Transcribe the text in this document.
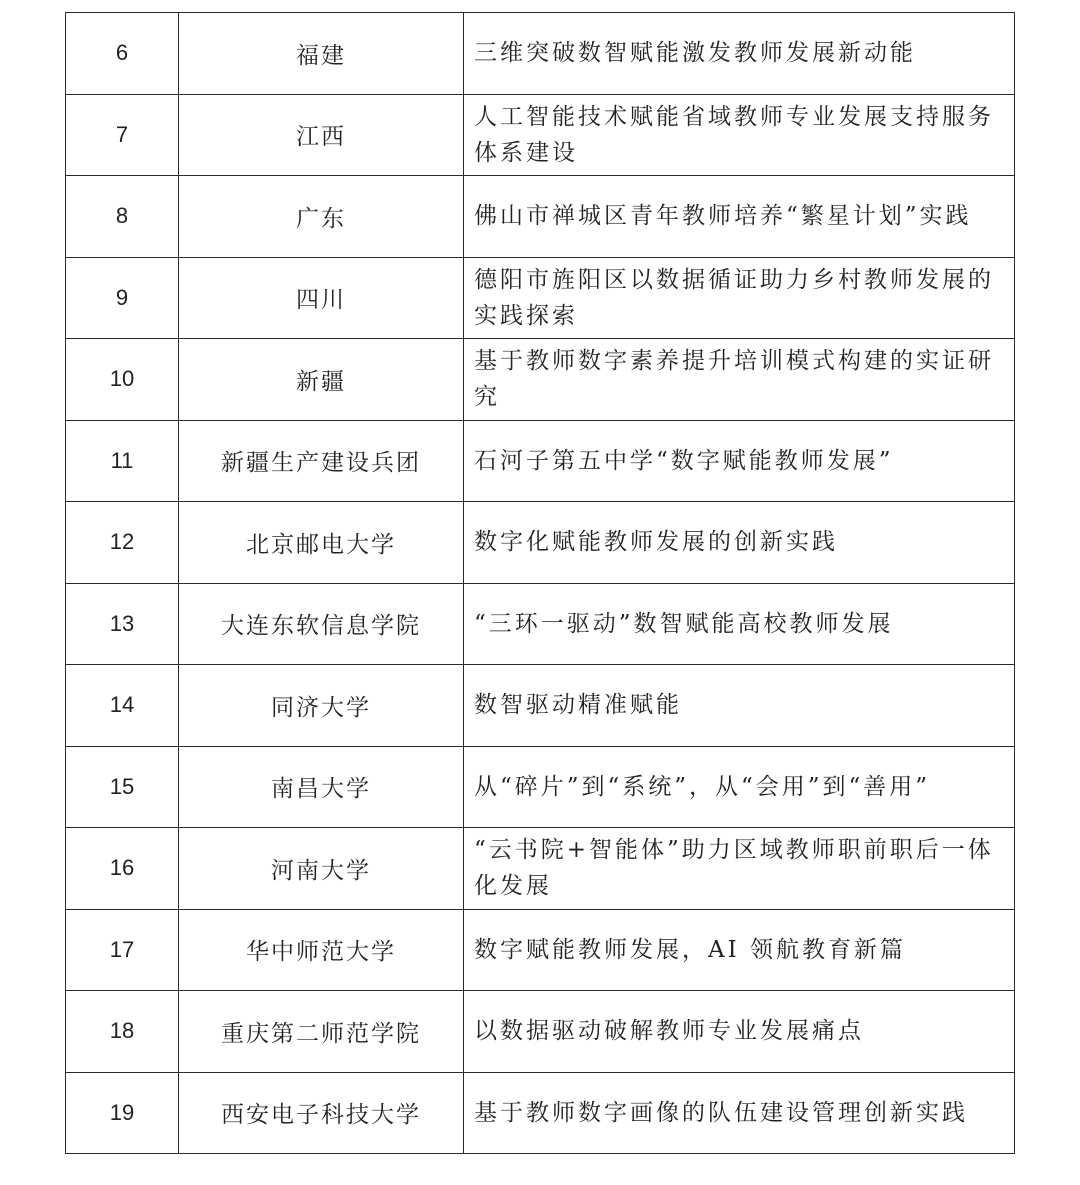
6	福建	三维突破数智赋能激发教师发展新动能
7	江西	人工智能技术赋能省域教师专业发展支持服务体系建设
8	广东	佛山市禅城区青年教师培养“繁星计划”实践
9	四川	德阳市旌阳区以数据循证助力乡村教师发展的实践探索
10	新疆	基于教师数字素养提升培训模式构建的实证研究
11	新疆生产建设兵团	石河子第五中学“数字赋能教师发展”
12	北京邮电大学	数字化赋能教师发展的创新实践
13	大连东软信息学院	“三环一驱动”数智赋能高校教师发展
14	同济大学	数智驱动精准赋能
15	南昌大学	从“碎片”到“系统”，从“会用”到“善用”
16	河南大学	“云书院+智能体”助力区域教师职前职后一体化发展
17	华中师范大学	数字赋能教师发展，AI 领航教育新篇
18	重庆第二师范学院	以数据驱动破解教师专业发展痛点
19	西安电子科技大学	基于教师数字画像的队伍建设管理创新实践
